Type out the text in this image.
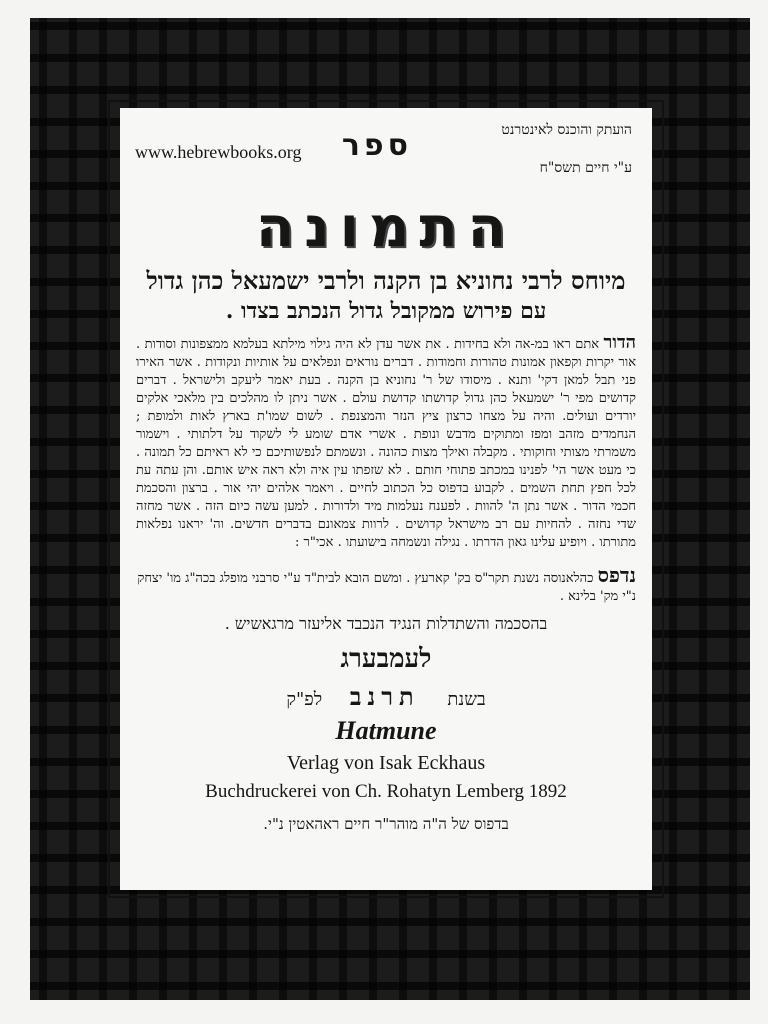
הועתק והוכנס לאינטרנט
ספר
www.hebrewbooks.org
ע"י חיים תשס"ח
התמונה
מיוחס לרבי נחוניא בן הקנה ולרבי ישמעאל כהן גדול
עם פירוש ממקובל גדול הנכתב בצדו .
הדור אתם ראו במ-אה ולא בחידות . את אשר עדן לא היה גילוי מילתא בעלמא ממצפונות וסודות . אור יקרות וקפאון אמונות טהורות וחמודות . דברים נוראים ונפלאים על אותיות ונקודות . אשר האירו פני תבל למאן דקי' ותנא . מיסודו של ר' נחוניא בן הקנה . בעת יאמר ליעקב ולישראל . דברים קדושים מפי ר' ישמעאל כהן גדול קדושתו קדושת עולם . אשר ניתן לו מהלכים בין מלאכי אלקים יורדים ועולים. והיה על מצחו כרצון ציץ הנזר והמצנפת . לשום שמו'ת בארץ לאות ולמופת ; הנחמדים מזהב ומפז ומתוקים מדבש ונופת . אשרי אדם שומע לי לשקוד על דלתותי . וישמור משמרתי מצותי וחוקותי . מקבלה ואילך מצות כהונה . ונשמתם לנפשותיכם כי לא ראיתם כל תמונה . כי מעט אשר הי' לפנינו במכתב פתוחי חותם . לא שזפתו עין איה ולא ראה איש אותם. והן עתה עת לכל חפץ תחת השמים . לקבוע בדפוס כל הכתוב לחיים . ויאמר אלהים יהי אור . ברצון והסכמת חכמי הדור . אשר נתן ה' להוות . לפענח נעלמות מיד ולדורות . למען עשה כיום הזה . אשר מחזה שדי נחזה . להחיות עם רב מישראל קדושים . לרוות צמאונם בדברים חדשים. וה' יראנו נפלאות מתורתו . ויופיע עלינו גאון הדרתו . נגילה ונשמחה בישועתו . אכי"ר :
נדפס כהלאנוסה נשנת תקר"ס בק' קארעץ . ומשם הובא לבית"ד ע"י סרבני מופלג בכה"ג מו' יצחק נ"י מק' בלינא .
בהסכמה והשתדלות הנגיד הנכבד אליעזר מרגאשיש .
לעמבערג
בשנת תרנב לפ"ק
Hatmune
Verlag von Isak Eckhaus
Buchdruckerei von Ch. Rohatyn Lemberg 1892
בדפוס של ה"ה מוהר"ר חיים ראהאטין נ"י.
